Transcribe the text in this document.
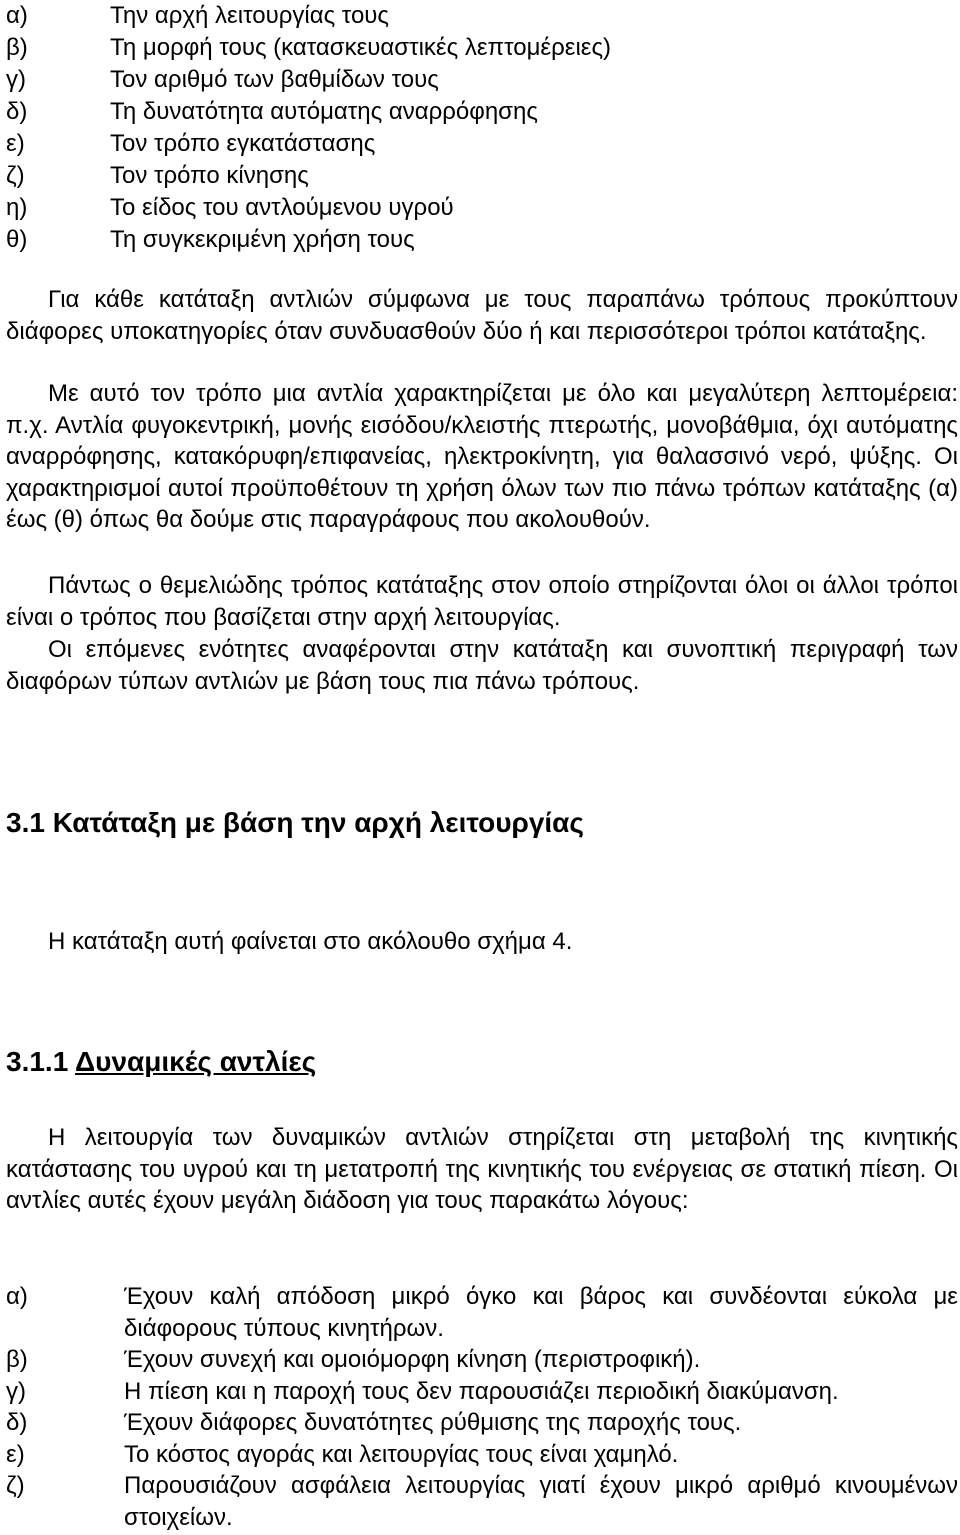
α)	Την αρχή λειτουργίας τους
β)	Τη μορφή τους (κατασκευαστικές λεπτομέρειες)
γ)	Τον αριθμό των βαθμίδων τους
δ)	Τη δυνατότητα αυτόματης αναρρόφησης
ε)	Τον τρόπο εγκατάστασης
ζ)	Τον τρόπο κίνησης
η)	Το είδος του αντλούμενου υγρού
θ)	Τη συγκεκριμένη χρήση τους
Για κάθε κατάταξη αντλιών σύμφωνα με τους παραπάνω τρόπους προκύπτουν διάφορες υποκατηγορίες όταν συνδυασθούν δύο ή και περισσότεροι τρόποι κατάταξης.
Με αυτό τον τρόπο μια αντλία χαρακτηρίζεται με όλο και μεγαλύτερη λεπτομέρεια: π.χ. Αντλία φυγοκεντρική, μονής εισόδου/κλειστής πτερωτής, μονοβάθμια, όχι αυτόματης αναρρόφησης, κατακόρυφη/επιφανείας, ηλεκτροκίνητη, για θαλασσινό νερό, ψύξης. Οι χαρακτηρισμοί αυτοί προϋποθέτουν τη χρήση όλων των πιο πάνω τρόπων κατάταξης (α) έως (θ) όπως θα δούμε στις παραγράφους που ακολουθούν.
Πάντως ο θεμελιώδης τρόπος κατάταξης στον οποίο στηρίζονται όλοι οι άλλοι τρόποι είναι ο τρόπος που βασίζεται στην αρχή λειτουργίας.
Οι επόμενες ενότητες αναφέρονται στην κατάταξη και συνοπτική περιγραφή των διαφόρων τύπων αντλιών με βάση τους πια πάνω τρόπους.
3.1 Κατάταξη με βάση την αρχή λειτουργίας
Η κατάταξη αυτή φαίνεται στο ακόλουθο σχήμα 4.
3.1.1 Δυναμικές αντλίες
Η λειτουργία των δυναμικών αντλιών στηρίζεται στη μεταβολή της κινητικής κατάστασης του υγρού και τη μετατροπή της κινητικής του ενέργειας σε στατική πίεση. Οι αντλίες αυτές έχουν μεγάλη διάδοση για τους παρακάτω λόγους:
α)	Έχουν καλή απόδοση μικρό όγκο και βάρος και συνδέονται εύκολα με διάφορους τύπους κινητήρων.
β)	Έχουν συνεχή και ομοιόμορφη κίνηση (περιστροφική).
γ)	Η πίεση και η παροχή τους δεν παρουσιάζει περιοδική διακύμανση.
δ)	Έχουν διάφορες δυνατότητες ρύθμισης της παροχής τους.
ε)	Το κόστος αγοράς και λειτουργίας τους είναι χαμηλό.
ζ)	Παρουσιάζουν ασφάλεια λειτουργίας γιατί έχουν μικρό αριθμό κινουμένων στοιχείων.
